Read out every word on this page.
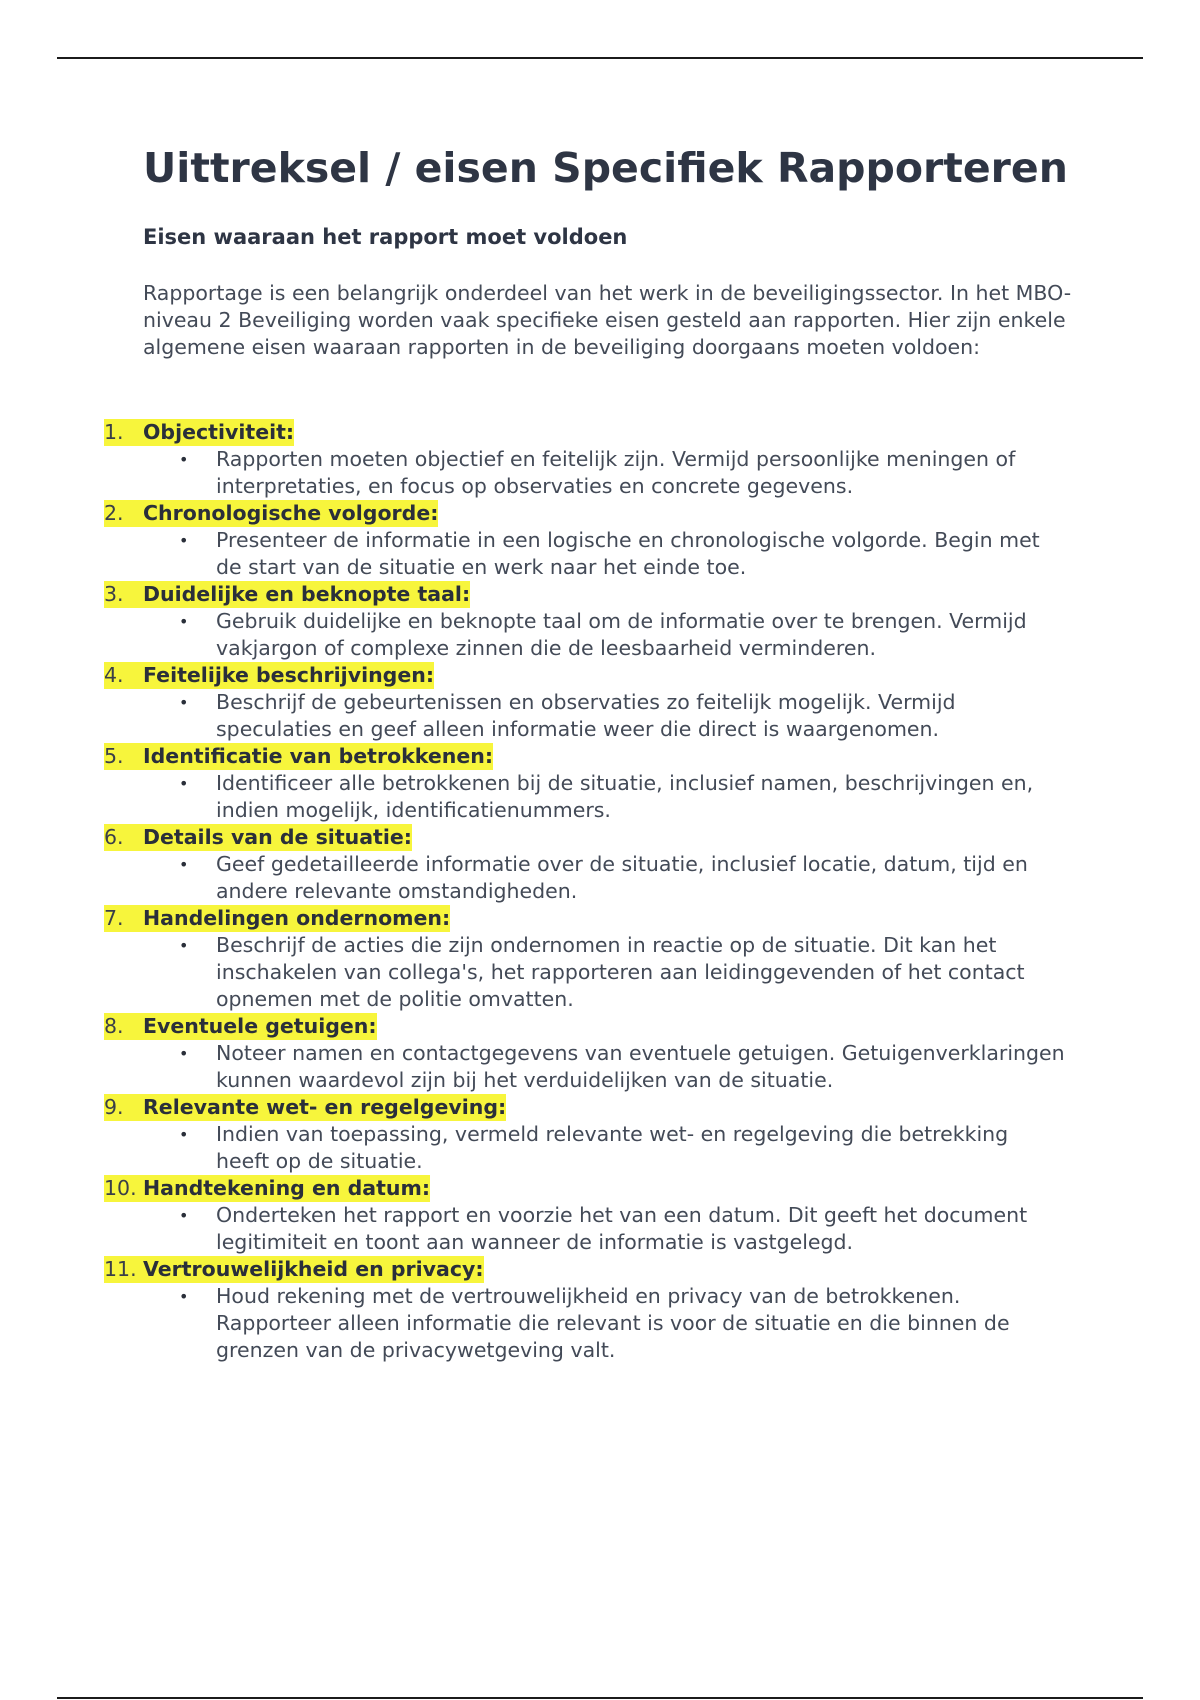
Uittreksel / eisen Specifiek Rapporteren
Eisen waaraan het rapport moet voldoen

Rapportage is een belangrijk onderdeel van het werk in de beveiligingssector. In het MBO-niveau 2 Beveiliging worden vaak specifieke eisen gesteld aan rapporten. Hier zijn enkele algemene eisen waaraan rapporten in de beveiliging doorgaans moeten voldoen:

1. Objectiviteit:

• Rapporten moeten objectief en feitelijk zijn. Vermijd persoonlijke meningen of interpretaties, en focus op observaties en concrete gegevens.

2. Chronologische volgorde:

• Presenteer de informatie in een logische en chronologische volgorde. Begin met de start van de situatie en werk naar het einde toe.

3. Duidelijke en beknopte taal:

• Gebruik duidelijke en beknopte taal om de informatie over te brengen. Vermijd vakjargon of complexe zinnen die de leesbaarheid verminderen.

4. Feitelijke beschrijvingen:

• Beschrijf de gebeurtenissen en observaties zo feitelijk mogelijk. Vermijd speculaties en geef alleen informatie weer die direct is waargenomen.

5. Identificatie van betrokkenen:

• Identificeer alle betrokkenen bij de situatie, inclusief namen, beschrijvingen en, indien mogelijk, identificatienummers.

6. Details van de situatie:

• Geef gedetailleerde informatie over de situatie, inclusief locatie, datum, tijd en andere relevante omstandigheden.

7. Handelingen ondernomen:

• Beschrijf de acties die zijn ondernomen in reactie op de situatie. Dit kan het inschakelen van collega's, het rapporteren aan leidinggevenden of het contact opnemen met de politie omvatten.

8. Eventuele getuigen:

• Noteer namen en contactgegevens van eventuele getuigen. Getuigenverklaringen kunnen waardevol zijn bij het verduidelijken van de situatie.

9. Relevante wet- en regelgeving:

• Indien van toepassing, vermeld relevante wet- en regelgeving die betrekking heeft op de situatie.

10. Handtekening en datum:

• Onderteken het rapport en voorzie het van een datum. Dit geeft het document legitimiteit en toont aan wanneer de informatie is vastgelegd.

11. Vertrouwelijkheid en privacy:

• Houd rekening met de vertrouwelijkheid en privacy van de betrokkenen. Rapporteer alleen informatie die relevant is voor de situatie en die binnen de grenzen van de privacywetgeving valt.
